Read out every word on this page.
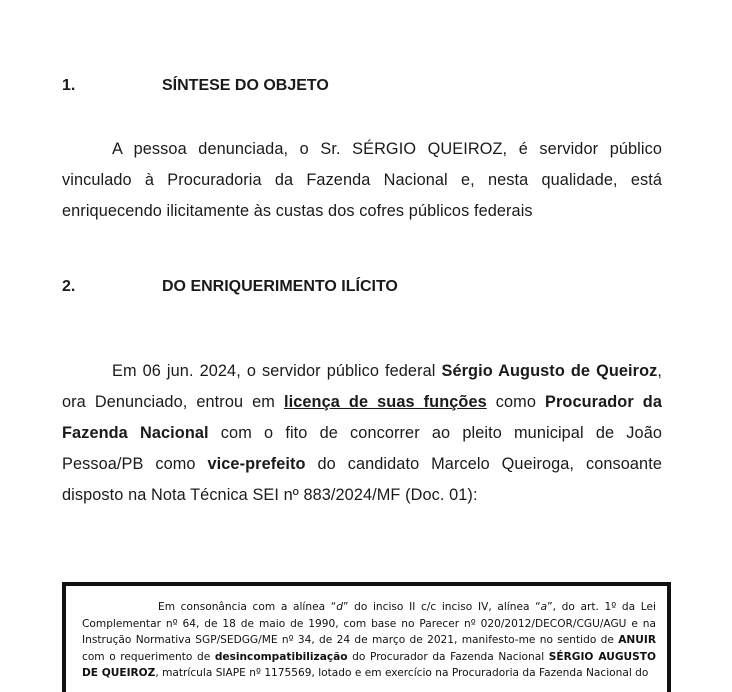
1.	SÍNTESE DO OBJETO

A pessoa denunciada, o Sr. SÉRGIO QUEIROZ, é servidor público vinculado à Procuradoria da Fazenda Nacional e, nesta qualidade, está enriquecendo ilicitamente às custas dos cofres públicos federais

2.	DO ENRIQUERIMENTO ILÍCITO

Em 06 jun. 2024, o servidor público federal Sérgio Augusto de Queiroz, ora Denunciado, entrou em licença de suas funções como Procurador da Fazenda Nacional com o fito de concorrer ao pleito municipal de João Pessoa/PB como vice-prefeito do candidato Marcelo Queiroga, consoante disposto na Nota Técnica SEI nº 883/2024/MF (Doc. 01):

Em consonância com a alínea “d” do inciso II c/c inciso IV, alínea “a”, do art. 1º da Lei Complementar nº 64, de 18 de maio de 1990, com base no Parecer nº 020/2012/DECOR/CGU/AGU e na Instrução Normativa SGP/SEDGG/ME nº 34, de 24 de março de 2021, manifesto-me no sentido de ANUIR com o requerimento de desincompatibilização do Procurador da Fazenda Nacional SÉRGIO AUGUSTO DE QUEIROZ, matrícula SIAPE nº 1175569, lotado e em exercício na Procuradoria da Fazenda Nacional do
